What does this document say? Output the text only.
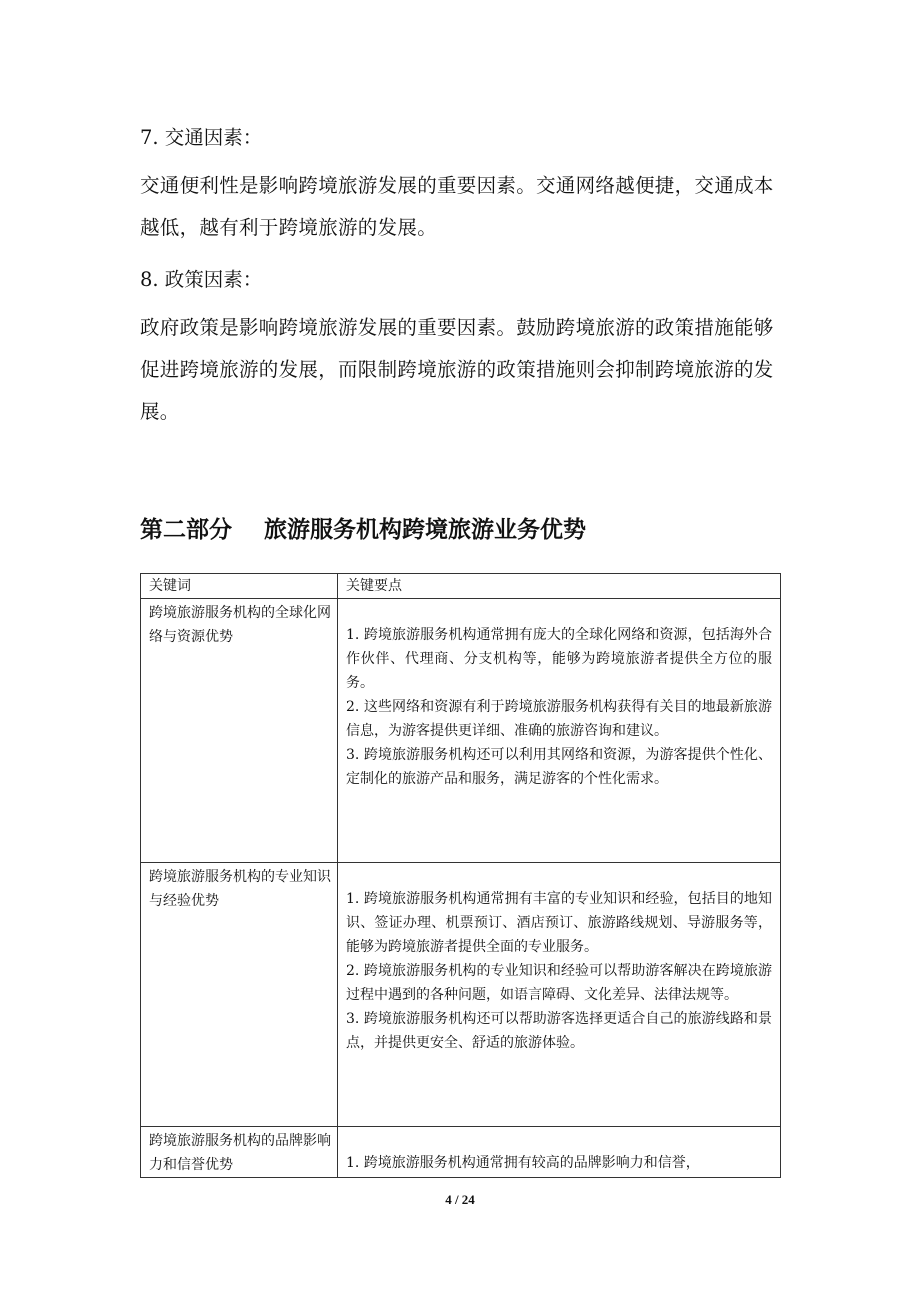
7. 交通因素：
交通便利性是影响跨境旅游发展的重要因素。交通网络越便捷，交通成本越低，越有利于跨境旅游的发展。
8. 政策因素：
政府政策是影响跨境旅游发展的重要因素。鼓励跨境旅游的政策措施能够促进跨境旅游的发展，而限制跨境旅游的政策措施则会抑制跨境旅游的发展。
第二部分    旅游服务机构跨境旅游业务优势
关键词	关键要点

跨境旅游服务机构的全球化网络与资源优势	1. 跨境旅游服务机构通常拥有庞大的全球化网络和资源，包括海外合作伙伴、代理商、分支机构等，能够为跨境旅游者提供全方位的服务。
2. 这些网络和资源有利于跨境旅游服务机构获得有关目的地最新旅游信息，为游客提供更详细、准确的旅游咨询和建议。
3. 跨境旅游服务机构还可以利用其网络和资源，为游客提供个性化、定制化的旅游产品和服务，满足游客的个性化需求。

跨境旅游服务机构的专业知识与经验优势	1. 跨境旅游服务机构通常拥有丰富的专业知识和经验，包括目的地知识、签证办理、机票预订、酒店预订、旅游路线规划、导游服务等，能够为跨境旅游者提供全面的专业服务。
2. 跨境旅游服务机构的专业知识和经验可以帮助游客解决在跨境旅游过程中遇到的各种问题，如语言障碍、文化差异、法律法规等。
3. 跨境旅游服务机构还可以帮助游客选择更适合自己的旅游线路和景点，并提供更安全、舒适的旅游体验。

跨境旅游服务机构的品牌影响力和信誉优势	1. 跨境旅游服务机构通常拥有较高的品牌影响力和信誉，
4 / 24
